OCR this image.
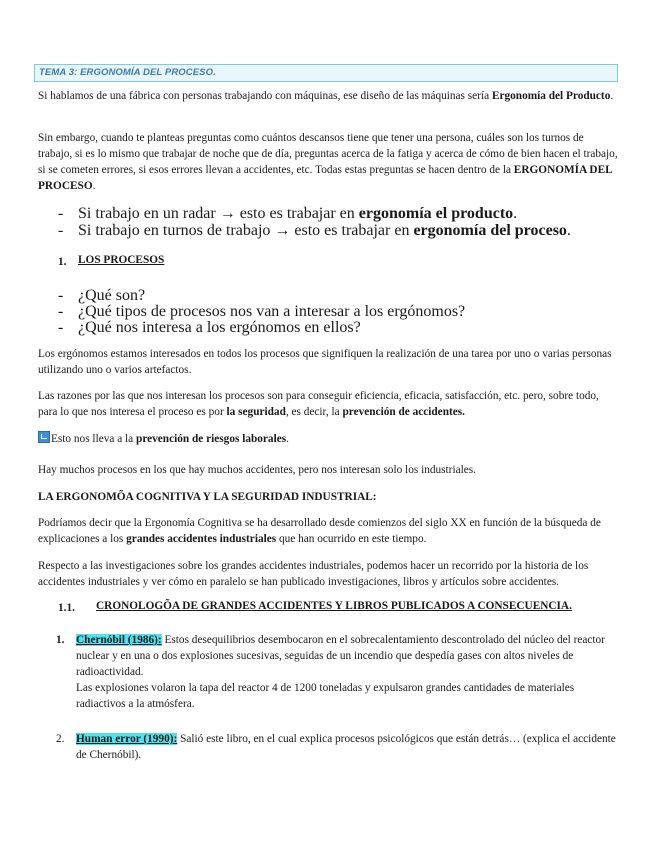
TEMA 3: ERGONOMÍA DEL PROCESO.

Si hablamos de una fábrica con personas trabajando con máquinas, ese diseño de las máquinas sería Ergonomía del Producto.

Sin embargo, cuando te planteas preguntas como cuántos descansos tiene que tener una persona, cuáles son los turnos de trabajo, si es lo mismo que trabajar de noche que de día, preguntas acerca de la fatiga y acerca de cómo de bien hacen el trabajo, si se cometen errores, si esos errores llevan a accidentes, etc. Todas estas preguntas se hacen dentro de la ERGONOMÍA DEL PROCESO.

- Si trabajo en un radar → esto es trabajar en ergonomía el producto.
- Si trabajo en turnos de trabajo → esto es trabajar en ergonomía del proceso.
1. LOS PROCESOS
- ¿Qué son?
- ¿Qué tipos de procesos nos van a interesar a los ergónomos?
- ¿Qué nos interesa a los ergónomos en ellos?

Los ergónomos estamos interesados en todos los procesos que signifiquen la realización de una tarea por uno o varias personas utilizando uno o varios artefactos.

Las razones por las que nos interesan los procesos son para conseguir eficiencia, eficacia, satisfacción, etc. pero, sobre todo, para lo que nos interesa el proceso es por la seguridad, es decir, la prevención de accidentes.

Esto nos lleva a la prevención de riesgos laborales.

Hay muchos procesos en los que hay muchos accidentes, pero nos interesan solo los industriales.

LA ERGONOMÕA COGNITIVA Y LA SEGURIDAD INDUSTRIAL:

Podríamos decir que la Ergonomía Cognitiva se ha desarrollado desde comienzos del siglo XX en función de la búsqueda de explicaciones a los grandes accidentes industriales que han ocurrido en este tiempo.

Respecto a las investigaciones sobre los grandes accidentes industriales, podemos hacer un recorrido por la historia de los accidentes industriales y ver cómo en paralelo se han publicado investigaciones, libros y artículos sobre accidentes.

1.1. CRONOLOGÕA DE GRANDES ACCIDENTES Y LIBROS PUBLICADOS A CONSECUENCIA.
1. Chernóbil (1986): Estos desequilibrios desembocaron en el sobrecalentamiento descontrolado del núcleo del reactor nuclear y en una o dos explosiones sucesivas, seguidas de un incendio que despedía gases con altos niveles de radioactividad.

Las explosiones volaron la tapa del reactor 4 de 1200 toneladas y expulsaron grandes cantidades de materiales radiactivos a la atmósfera.

2. Human error (1990): Salió este libro, en el cual explica procesos psicológicos que están detrás… (explica el accidente de Chernóbil).
